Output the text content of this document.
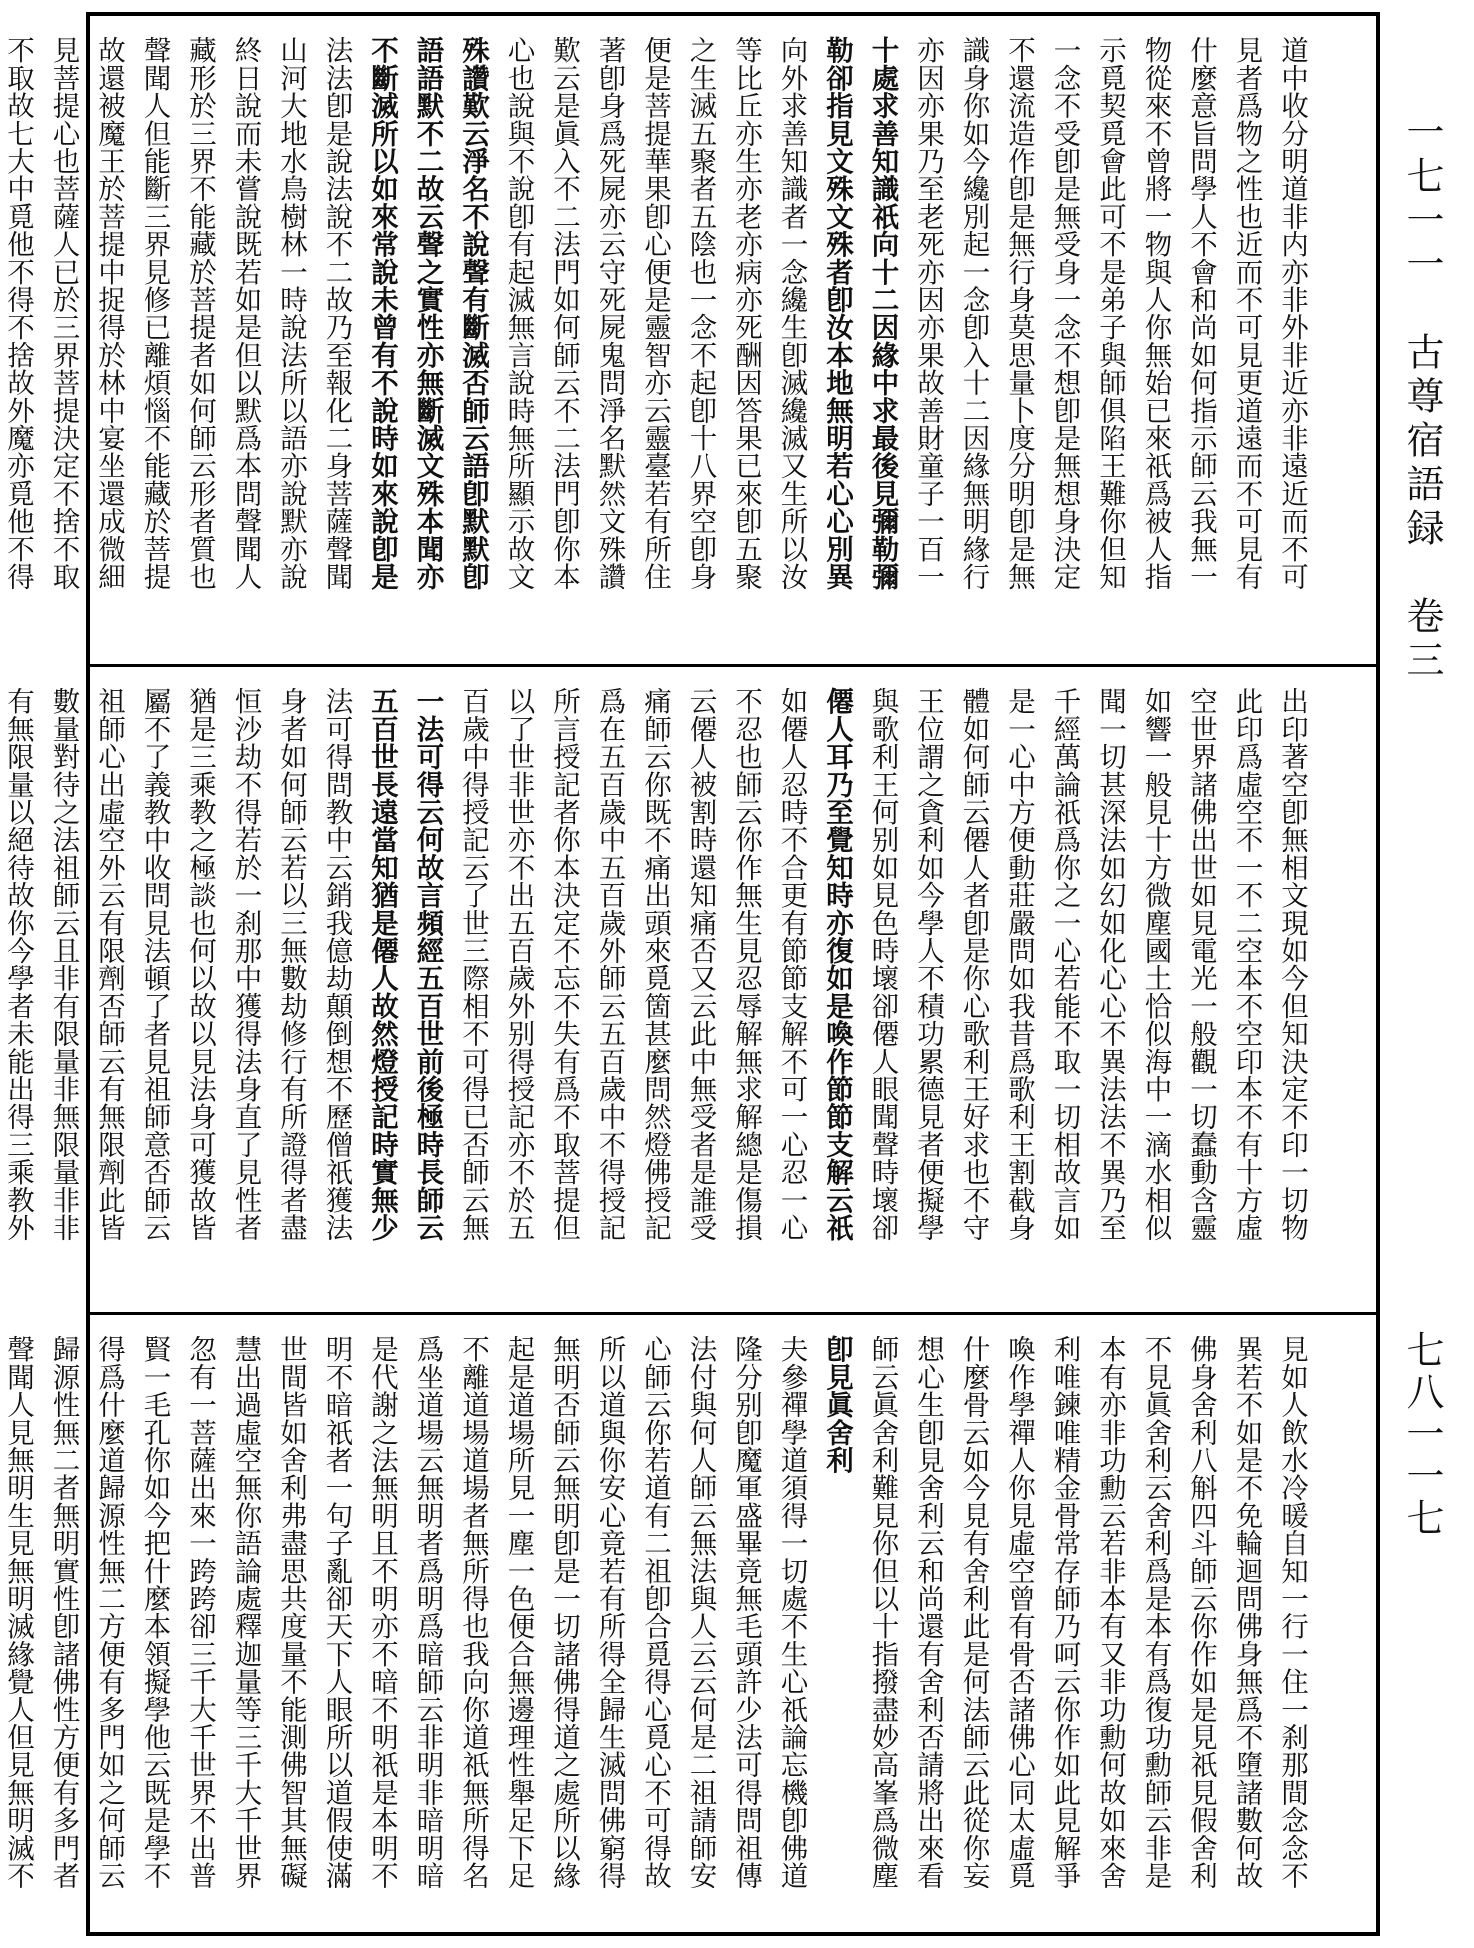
一七一一　古尊宿語録　卷三
七八一一七
道中收分明道非内亦非外非近亦非遠近而不可
見者爲物之性也近而不可見更道遠而不可見有
什麼意旨問學人不會和尚如何指示師云我無一
物從來不曾將一物與人你無始已來祇爲被人指
示覓契覓會此可不是弟子與師俱陷王難你但知
一念不受卽是無受身一念不想卽是無想身決定
不還流造作卽是無行身莫思量卜度分明卽是無
識身你如今纔別起一念卽入十二因緣無明緣行
亦因亦果乃至老死亦因亦果故善財童子一百一
十處求善知識祇向十二因緣中求最後見彌勒彌
勒卻指見文殊文殊者卽汝本地無明若心心別異
向外求善知識者一念纔生卽滅纔滅又生所以汝
等比丘亦生亦老亦病亦死酬因答果已來卽五聚
之生滅五聚者五陰也一念不起卽十八界空卽身
便是菩提華果卽心便是靈智亦云靈臺若有所住
著卽身爲死屍亦云守死屍鬼問淨名默然文殊讚
歎云是眞入不二法門如何師云不二法門卽你本
心也說與不說卽有起滅無言說時無所顯示故文
殊讚歎云淨名不說聲有斷滅否師云語卽默默卽
語語默不二故云聲之實性亦無斷滅文殊本聞亦
不斷滅所以如來常說未曾有不說時如來說卽是
法法卽是說法說不二故乃至報化二身菩薩聲聞
山河大地水鳥樹林一時說法所以語亦說默亦說
終日說而未嘗說既若如是但以默爲本問聲聞人
藏形於三界不能藏於菩提者如何師云形者質也
聲聞人但能斷三界見修已離煩惱不能藏於菩提
故還被魔王於菩提中捉得於林中宴坐還成微細
見菩提心也菩薩人已於三界菩提決定不捨不取
不取故七大中覓他不得不捨故外魔亦覓他不得
出印著空卽無相文現如今但知決定不印一切物
此印爲虛空不一不二空本不空印本不有十方虛
空世界諸佛出世如見電光一般觀一切蠢動含靈
如響一般見十方微塵國土恰似海中一滴水相似
聞一切甚深法如幻如化心心不異法法不異乃至
千經萬論祇爲你之一心若能不取一切相故言如
是一心中方便動莊嚴問如我昔爲歌利王割截身
體如何師云僊人者卽是你心歌利王好求也不守
王位謂之貪利如今學人不積功累德見者便擬學
與歌利王何别如見色時壞卻僊人眼聞聲時壞卻
僊人耳乃至覺知時亦復如是喚作節節支解云祇
如僊人忍時不合更有節節支解不可一心忍一心
不忍也師云你作無生見忍辱解無求解總是傷損
云僊人被割時還知痛否又云此中無受者是誰受
痛師云你既不痛出頭來覓箇甚麼問然燈佛授記
爲在五百歲中五百歲外師云五百歲中不得授記
所言授記者你本決定不忘不失有爲不取菩提但
以了世非世亦不出五百歲外别得授記亦不於五
百歲中得授記云了世三際相不可得已否師云無
一法可得云何故言頻經五百世前後極時長師云
五百世長遠當知猶是僊人故然燈授記時實無少
法可得問教中云銷我億劫顛倒想不歷僧祇獲法
身者如何師云若以三無數劫修行有所證得者盡
恒沙劫不得若於一刹那中獲得法身直了見性者
猶是三乘教之極談也何以故以見法身可獲故皆
屬不了義教中收問見法頓了者見祖師意否師云
祖師心出虛空外云有限劑否師云有無限劑此皆
數量對待之法祖師云且非有限量非無限量非非
有無限量以絕待故你今學者未能出得三乘教外
見如人飲水冷暖自知一行一住一刹那間念念不
異若不如是不免輪迴問佛身無爲不墮諸數何故
佛身舍利八斛四斗師云你作如是見祇見假舍利
不見眞舍利云舍利爲是本有爲復功勳師云非是
本有亦非功勳云若非本有又非功勳何故如來舍
利唯鍊唯精金骨常存師乃呵云你作如此見解爭
喚作學禪人你見虛空曾有骨否諸佛心同太虛覓
什麼骨云如今見有舍利此是何法師云此從你妄
想心生卽見舍利云和尚還有舍利否請將出來看
師云眞舍利難見你但以十指撥盡妙高峯爲微塵
卽見眞舍利
夫參禪學道須得一切處不生心祇論忘機卽佛道
隆分别卽魔軍盛畢竟無毛頭許少法可得問祖傳
法付與何人師云無法與人云云何是二祖請師安
心師云你若道有二祖卽合覓得心覓心不可得故
所以道與你安心竟若有所得全歸生滅問佛窮得
無明否師云無明卽是一切諸佛得道之處所以緣
起是道場所見一塵一色便合無邊理性舉足下足
不離道場道場者無所得也我向你道祇無所得名
爲坐道場云無明者爲明爲暗師云非明非暗明暗
是代謝之法無明且不明亦不暗不明祇是本明不
明不暗祇者一句子亂卻天下人眼所以道假使滿
世間皆如舍利弗盡思共度量不能測佛智其無礙
慧出過虛空無你語論處釋迦量等三千大千世界
忽有一菩薩出來一跨跨卻三千大千世界不出普
賢一毛孔你如今把什麼本領擬學他云既是學不
得爲什麼道歸源性無二方便有多門如之何師云
歸源性無二者無明實性卽諸佛性方便有多門者
聲聞人見無明生見無明滅緣覺人但見無明滅不
